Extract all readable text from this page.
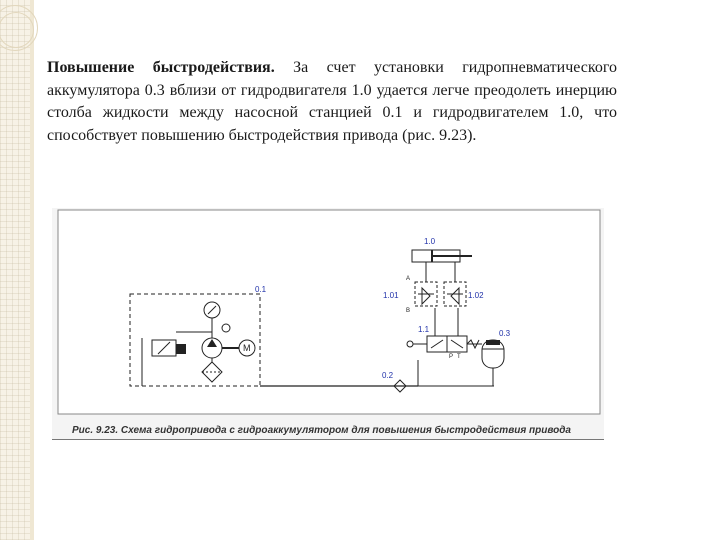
Повышение быстродействия. За счет установки гидропневматического аккумулятора 0.3 вблизи от гидродвигателя 1.0 удается легче преодолеть инерцию столба жидкости между насосной станцией 0.1 и гидродвигателем 1.0, что способствует повышению быстродействия привода (рис. 9.23).
0.1
M
0.2
1.1
P T
0.3
1.01	1.02
A
B
1.0
Рис. 9.23. Схема гидропривода с гидроаккумулятором для повышения быстродействия привода
